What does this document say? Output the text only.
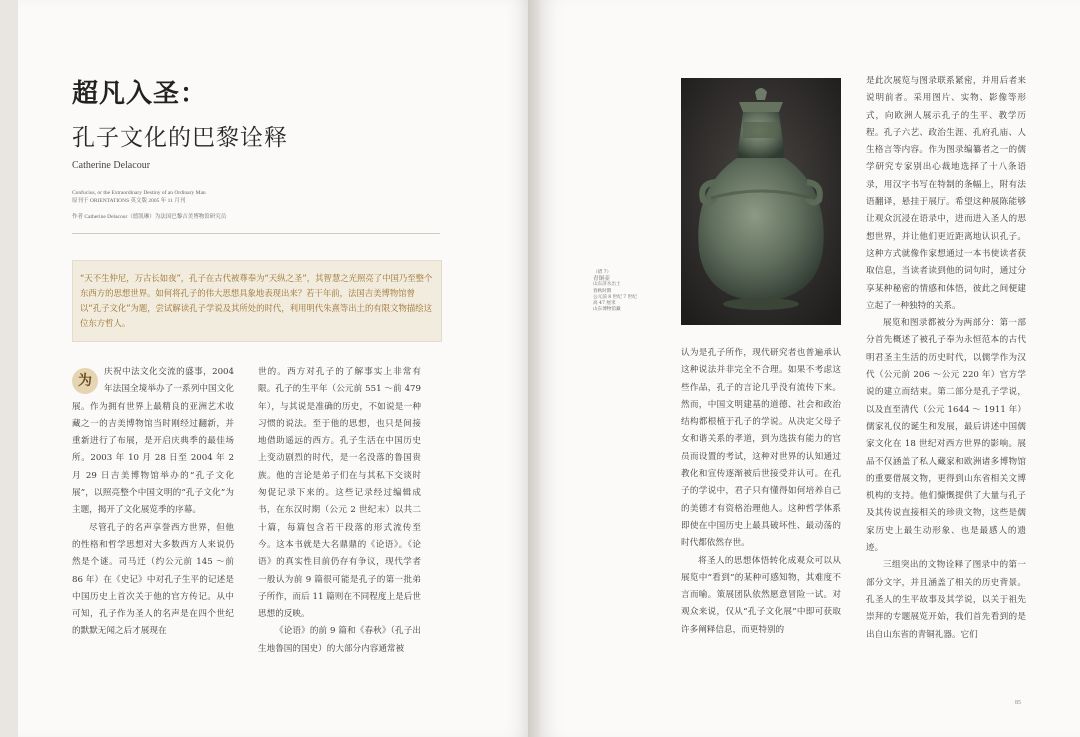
超凡入圣：
孔子文化的巴黎诠释
Catherine Delacour
Confucius, or the Extraordinary Destiny of an Ordinary Man
原刊于 ORIENTATIONS 英文版 2005 年 11 月刊
作者 Catherine Delacour（德凯琳）为法国巴黎吉美博物馆研究员
“天不生仲尼，万古长如夜”，孔子在古代被尊奉为“天纵之圣”，其智慧之光照亮了中国乃至整个东西方的思想世界。如何将孔子的伟大思想具象地表现出来？若干年前，法国吉美博物馆曾以“孔子文化”为题，尝试解读孔子学说及其所处的时代，利用明代朱熹等出土的有限文物描绘这位东方哲人。

为
庆祝中法文化交流的盛事，2004年法国全境举办了一系列中国文化展。作为拥有世界上最精良的亚洲艺术收藏之一的吉美博物馆当时刚经过翻新，并重新进行了布展，是开启庆典季的最佳场所。2003 年 10 月 28 日至 2004 年 2 月 29 日吉美博物馆举办的“孔子文化展”，以照亮整个中国文明的“孔子文化”为主题，揭开了文化展览季的序幕。

尽管孔子的名声享誉西方世界，但他的性格和哲学思想对大多数西方人来说仍然是个谜。司马迁（约公元前 145 ～前 86 年）在《史记》中对孔子生平的记述是中国历史上首次关于他的官方传记。从中可知，孔子作为圣人的名声是在四个世纪的默默无闻之后才展现在

世的。西方对孔子的了解事实上非常有限。孔子的生平年（公元前 551 ～前 479 年），与其说是准确的历史，不如说是一种习惯的说法。至于他的思想，也只是间接地借助遥远的西方。孔子生活在中国历史上变动剧烈的时代，是一名没落的鲁国贵族。他的言论是弟子们在与其私下交谈时匆促记录下来的。这些记录经过编辑成书，在东汉时期（公元 2 世纪末）以共二十篇，每篇包含若干段落的形式流传至今。这本书就是大名鼎鼎的《论语》。《论语》的真实性目前仍存有争议，现代学者一般认为前 9 篇很可能是孔子的第一批弟子所作，而后 11 篇则在不同程度上是后世思想的反映。

《论语》的前 9 篇和《春秋》（孔子出生地鲁国的国史）的大部分内容通常被

（错 7）
青铜壶
山东济水出土
春秋时期
公元前 8 世纪 7 世纪
高 47 厘米
山东博物馆藏

认为是孔子所作，现代研究者也普遍承认这种说法并非完全不合理。如果不考虑这些作品，孔子的言论几乎没有流传下来。然而，中国文明建基的道德、社会和政治结构都根植于孔子的学说。从决定父母子女和谐关系的孝道，到为选拔有能力的官员而设置的考试，这种对世界的认知通过教化和宣传逐渐被后世接受并认可。在孔子的学说中，君子只有懂得如何培养自己的美德才有资格治理他人。这种哲学体系即使在中国历史上最具破坏性、最动荡的时代都依然存世。

将圣人的思想体悟转化成观众可以从展览中“看到”的某种可感知物，其难度不言而喻。策展团队依然愿意冒险一试。对观众来说，仅从“孔子文化展”中即可获取许多阐释信息，而更特别的

是此次展览与图录联系紧密，并用后者来说明前者。采用图片、实物、影像等形式，向欧洲人展示孔子的生平、教学历程。孔子六艺、政治生涯、孔府孔庙、人生格言等内容。作为图录编纂者之一的儒学研究专家别出心裁地选择了十八条语录，用汉字书写在特制的条幅上，附有法语翻译，悬挂于展厅。希望这种展陈能够让观众沉浸在语录中，进而进入圣人的思想世界，并让他们更近距离地认识孔子。这种方式就像作家想通过一本书使读者获取信息，当读者读到他的词句时，通过分享某种秘密的情感和体悟，彼此之间便建立起了一种独特的关系。

展览和图录都被分为两部分：第一部分首先概述了被孔子奉为永恒范本的古代明君圣主生活的历史时代，以儒学作为汉代（公元前 206 ～公元 220 年）官方学说的建立而结束。第二部分是孔子学说，以及直至清代（公元 1644 ～ 1911 年）儒家礼仪的诞生和发展，最后讲述中国儒家文化在 18 世纪对西方世界的影响。展品不仅涵盖了私人藏家和欧洲诸多博物馆的重要借展文物，更得到山东省相关文博机构的支持。他们慷慨提供了大量与孔子及其传说直接相关的珍贵文物，这些是儒家历史上最生动形象、也是最感人的遗迹。

三组突出的文物诠释了图录中的第一部分文字，并且涵盖了相关的历史背景。孔圣人的生平故事及其学说，以关于祖先崇拜的专题展览开始，我们首先看到的是出自山东省的青铜礼器。它们

85
